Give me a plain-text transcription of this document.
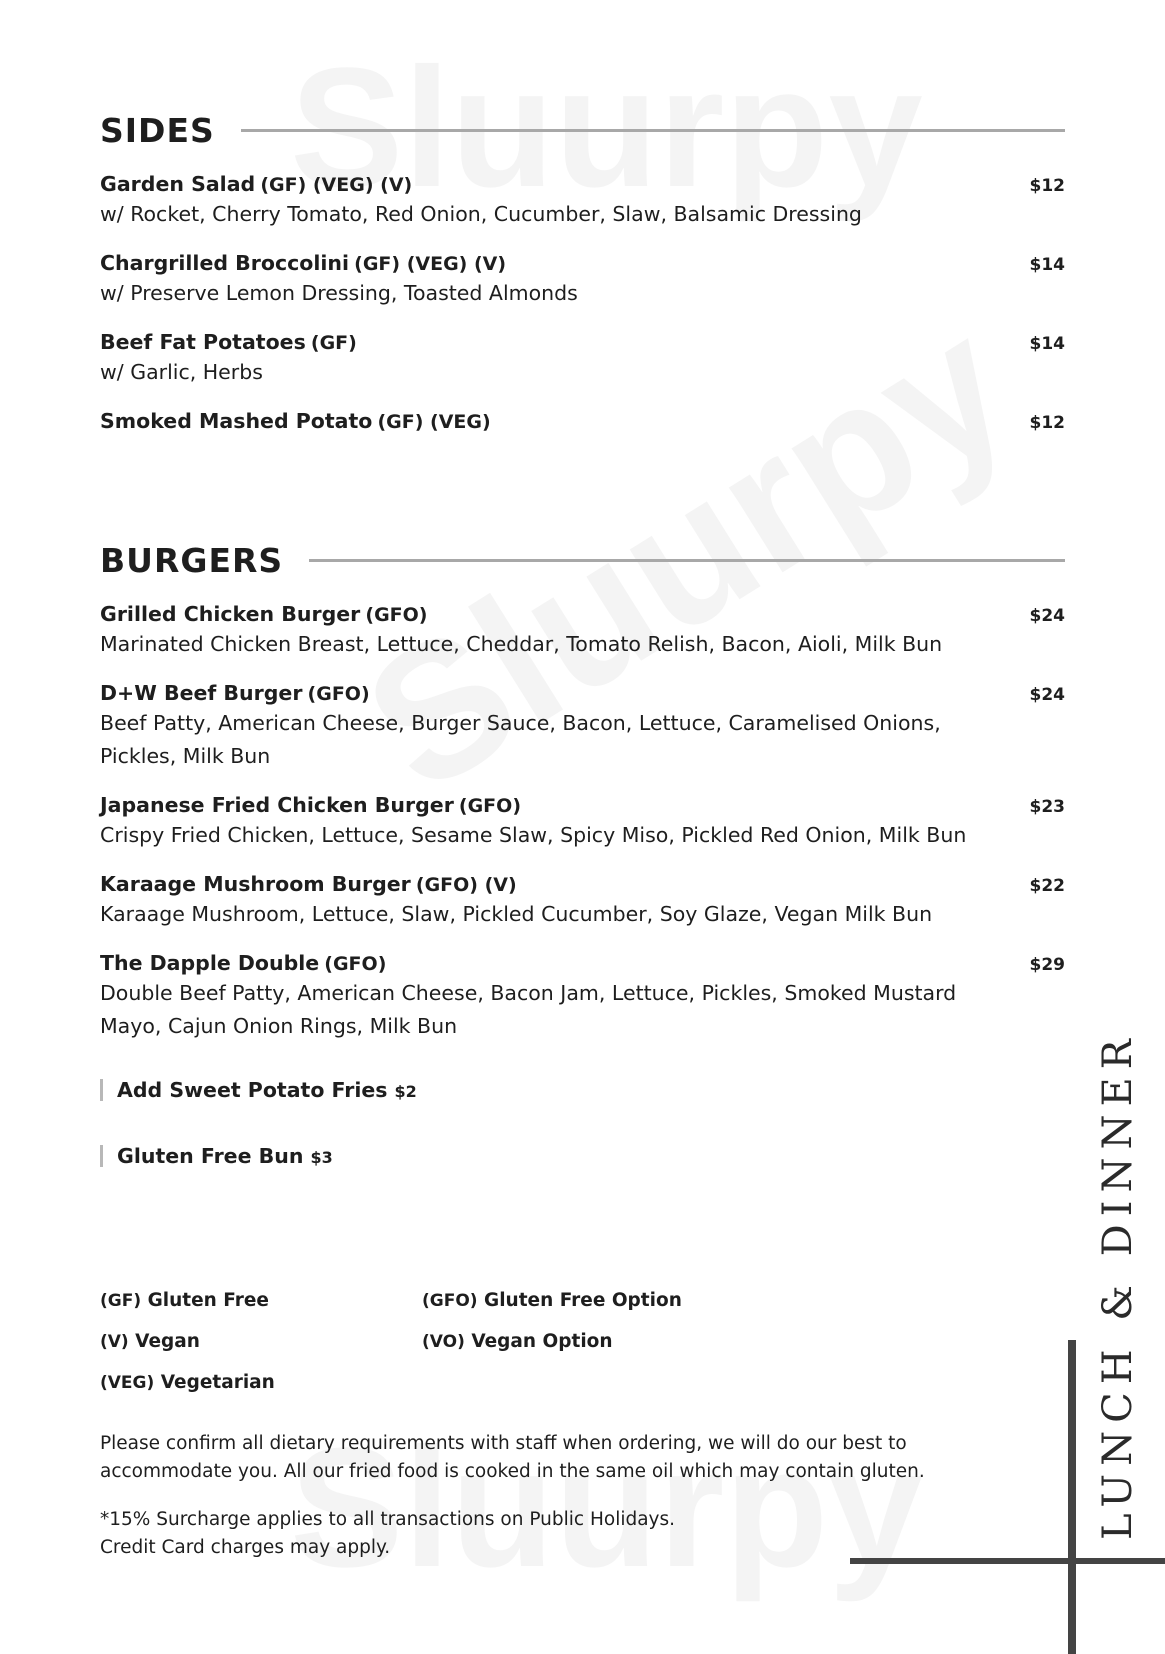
SIDES
Garden Salad (GF) (VEG) (V)	$12
w/ Rocket, Cherry Tomato, Red Onion, Cucumber, Slaw, Balsamic Dressing
Chargrilled Broccolini (GF) (VEG) (V)	$14
w/ Preserve Lemon Dressing, Toasted Almonds
Beef Fat Potatoes (GF)	$14
w/ Garlic, Herbs
Smoked Mashed Potato (GF) (VEG)	$12
BURGERS
Grilled Chicken Burger (GFO)	$24
Marinated Chicken Breast, Lettuce, Cheddar, Tomato Relish, Bacon, Aioli, Milk Bun
D+W Beef Burger (GFO)	$24
Beef Patty, American Cheese, Burger Sauce, Bacon, Lettuce, Caramelised Onions, Pickles, Milk Bun
Japanese Fried Chicken Burger (GFO)	$23
Crispy Fried Chicken, Lettuce, Sesame Slaw, Spicy Miso, Pickled Red Onion, Milk Bun
Karaage Mushroom Burger (GFO) (V)	$22
Karaage Mushroom, Lettuce, Slaw, Pickled Cucumber, Soy Glaze, Vegan Milk Bun
The Dapple Double (GFO)	$29
Double Beef Patty, American Cheese, Bacon Jam, Lettuce, Pickles, Smoked Mustard Mayo, Cajun Onion Rings, Milk Bun
Add Sweet Potato Fries $2
Gluten Free Bun $3
(GF) Gluten Free	(GFO) Gluten Free Option
(V) Vegan	(VO) Vegan Option
(VEG) Vegetarian
Please confirm all dietary requirements with staff when ordering, we will do our best to accommodate you. All our fried food is cooked in the same oil which may contain gluten.
*15% Surcharge applies to all transactions on Public Holidays.
Credit Card charges may apply.
LUNCH & DINNER
